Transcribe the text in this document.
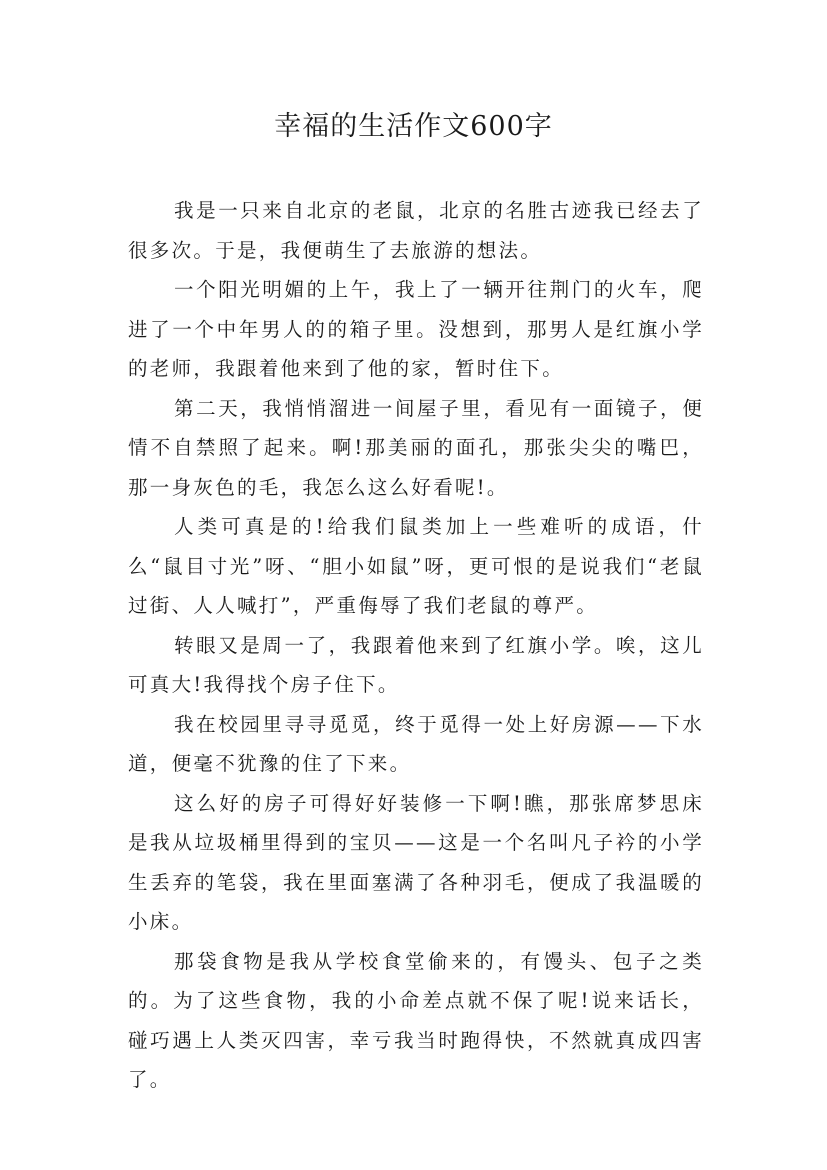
幸福的生活作文600字

我是一只来自北京的老鼠，北京的名胜古迹我已经去了很多次。于是，我便萌生了去旅游的想法。

一个阳光明媚的上午，我上了一辆开往荆门的火车，爬进了一个中年男人的的箱子里。没想到，那男人是红旗小学的老师，我跟着他来到了他的家，暂时住下。

第二天，我悄悄溜进一间屋子里，看见有一面镜子，便情不自禁照了起来。啊!那美丽的面孔，那张尖尖的嘴巴，那一身灰色的毛，我怎么这么好看呢!。

人类可真是的!给我们鼠类加上一些难听的成语，什么“鼠目寸光”呀、“胆小如鼠”呀，更可恨的是说我们“老鼠过街、人人喊打”，严重侮辱了我们老鼠的尊严。

转眼又是周一了，我跟着他来到了红旗小学。唉，这儿可真大!我得找个房子住下。

我在校园里寻寻觅觅，终于觅得一处上好房源——下水道，便毫不犹豫的住了下来。

这么好的房子可得好好装修一下啊!瞧，那张席梦思床是我从垃圾桶里得到的宝贝——这是一个名叫凡子衿的小学生丢弃的笔袋，我在里面塞满了各种羽毛，便成了我温暖的小床。

那袋食物是我从学校食堂偷来的，有馒头、包子之类的。为了这些食物，我的小命差点就不保了呢!说来话长，碰巧遇上人类灭四害，幸亏我当时跑得快，不然就真成四害了。
